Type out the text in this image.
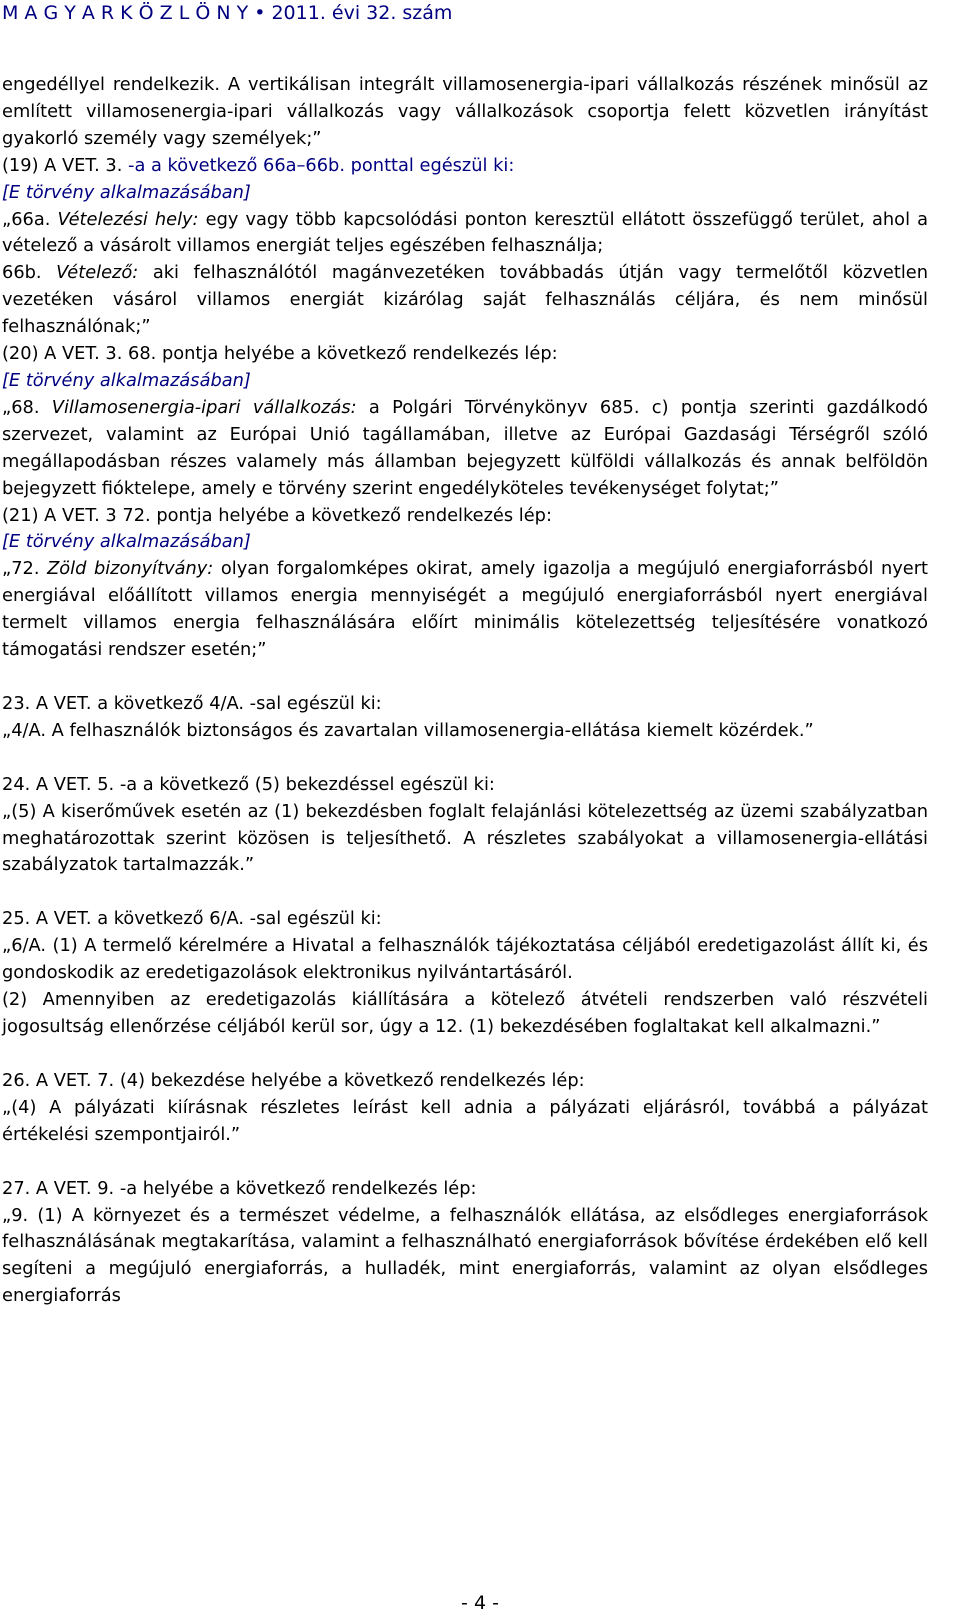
M A G Y A R K Ö Z L Ö N Y • 2011. évi 32. szám

engedéllyel rendelkezik. A vertikálisan integrált villamosenergia-ipari vállalkozás részének minősül az említett villamosenergia-ipari vállalkozás vagy vállalkozások csoportja felett közvetlen irányítást gyakorló személy vagy személyek;”

(19) A VET. 3. -a a következő 66a–66b. ponttal egészül ki:

[E törvény alkalmazásában]

„66a. Vételezési hely: egy vagy több kapcsolódási ponton keresztül ellátott összefüggő terület, ahol a vételező a vásárolt villamos energiát teljes egészében felhasználja;

66b. Vételező: aki felhasználótól magánvezetéken továbbadás útján vagy termelőtől közvetlen vezetéken vásárol villamos energiát kizárólag saját felhasználás céljára, és nem minősül felhasználónak;”

(20) A VET. 3. 68. pontja helyébe a következő rendelkezés lép:

[E törvény alkalmazásában]

„68. Villamosenergia-ipari vállalkozás: a Polgári Törvénykönyv 685. c) pontja szerinti gazdálkodó szervezet, valamint az Európai Unió tagállamában, illetve az Európai Gazdasági Térségről szóló megállapodásban részes valamely más államban bejegyzett külföldi vállalkozás és annak belföldön bejegyzett fióktelepe, amely e törvény szerint engedélyköteles tevékenységet folytat;”

(21) A VET. 3 72. pontja helyébe a következő rendelkezés lép:

[E törvény alkalmazásában]

„72. Zöld bizonyítvány: olyan forgalomképes okirat, amely igazolja a megújuló energiaforrásból nyert energiával előállított villamos energia mennyiségét a megújuló energiaforrásból nyert energiával termelt villamos energia felhasználására előírt minimális kötelezettség teljesítésére vonatkozó támogatási rendszer esetén;”

23. A VET. a következő 4/A. -sal egészül ki:

„4/A. A felhasználók biztonságos és zavartalan villamosenergia-ellátása kiemelt közérdek.”

24. A VET. 5. -a a következő (5) bekezdéssel egészül ki:

„(5) A kiserőművek esetén az (1) bekezdésben foglalt felajánlási kötelezettség az üzemi szabályzatban meghatározottak szerint közösen is teljesíthető. A részletes szabályokat a villamosenergia-ellátási szabályzatok tartalmazzák.”

25. A VET. a következő 6/A. -sal egészül ki:

„6/A. (1) A termelő kérelmére a Hivatal a felhasználók tájékoztatása céljából eredetigazolást állít ki, és gondoskodik az eredetigazolások elektronikus nyilvántartásáról.

(2) Amennyiben az eredetigazolás kiállítására a kötelező átvételi rendszerben való részvételi jogosultság ellenőrzése céljából kerül sor, úgy a 12. (1) bekezdésében foglaltakat kell alkalmazni.”

26. A VET. 7. (4) bekezdése helyébe a következő rendelkezés lép:

„(4) A pályázati kiírásnak részletes leírást kell adnia a pályázati eljárásról, továbbá a pályázat értékelési szempontjairól.”

27. A VET. 9. -a helyébe a következő rendelkezés lép:

„9. (1) A környezet és a természet védelme, a felhasználók ellátása, az elsődleges energiaforrások felhasználásának megtakarítása, valamint a felhasználható energiaforrások bővítése érdekében elő kell segíteni a megújuló energiaforrás, a hulladék, mint energiaforrás, valamint az olyan elsődleges energiaforrás

- 4 -
